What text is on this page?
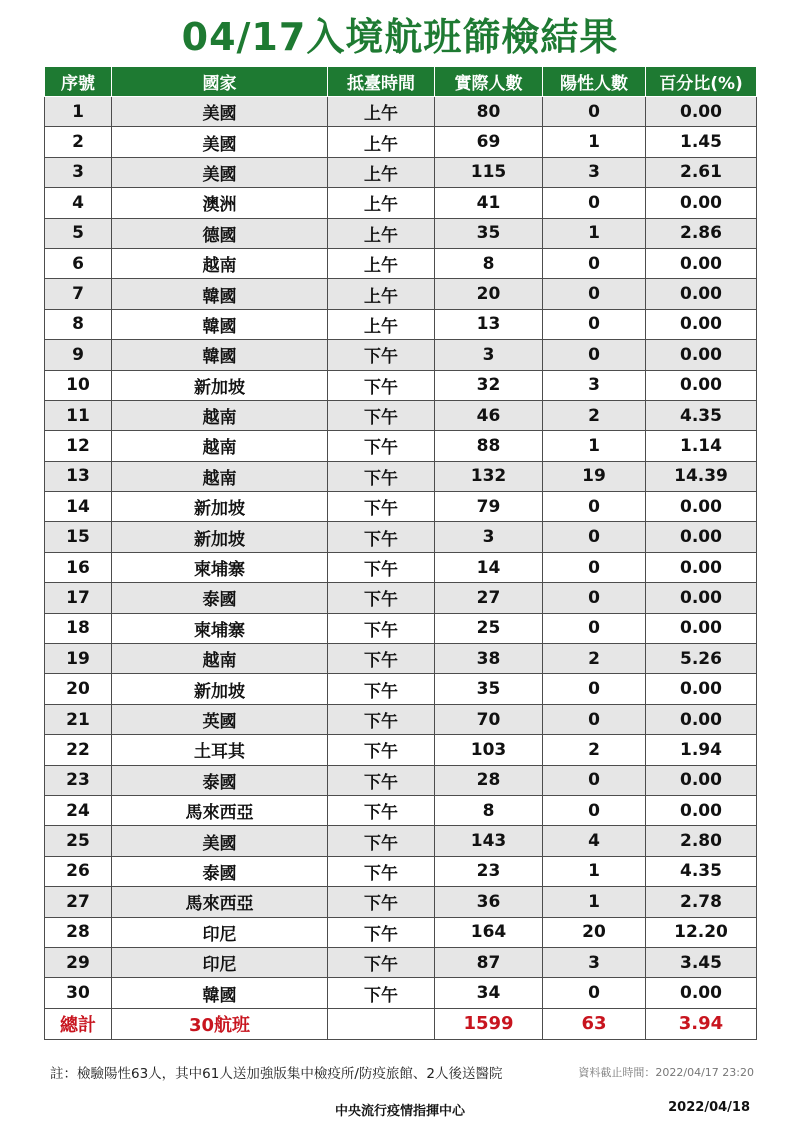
04/17入境航班篩檢結果
序號	國家	抵臺時間	實際人數	陽性人數	百分比(%)
1	美國	上午	80	0	0.00
2	美國	上午	69	1	1.45
3	美國	上午	115	3	2.61
4	澳洲	上午	41	0	0.00
5	德國	上午	35	1	2.86
6	越南	上午	8	0	0.00
7	韓國	上午	20	0	0.00
8	韓國	上午	13	0	0.00
9	韓國	下午	3	0	0.00
10	新加坡	下午	32	3	0.00
11	越南	下午	46	2	4.35
12	越南	下午	88	1	1.14
13	越南	下午	132	19	14.39
14	新加坡	下午	79	0	0.00
15	新加坡	下午	3	0	0.00
16	柬埔寨	下午	14	0	0.00
17	泰國	下午	27	0	0.00
18	柬埔寨	下午	25	0	0.00
19	越南	下午	38	2	5.26
20	新加坡	下午	35	0	0.00
21	英國	下午	70	0	0.00
22	土耳其	下午	103	2	1.94
23	泰國	下午	28	0	0.00
24	馬來西亞	下午	8	0	0.00
25	美國	下午	143	4	2.80
26	泰國	下午	23	1	4.35
27	馬來西亞	下午	36	1	2.78
28	印尼	下午	164	20	12.20
29	印尼	下午	87	3	3.45
30	韓國	下午	34	0	0.00
總計	30航班		1599	63	3.94
註：檢驗陽性63人，其中61人送加強版集中檢疫所/防疫旅館、2人後送醫院	資料截止時間：2022/04/17 23:20
中央流行疫情指揮中心	2022/04/18
